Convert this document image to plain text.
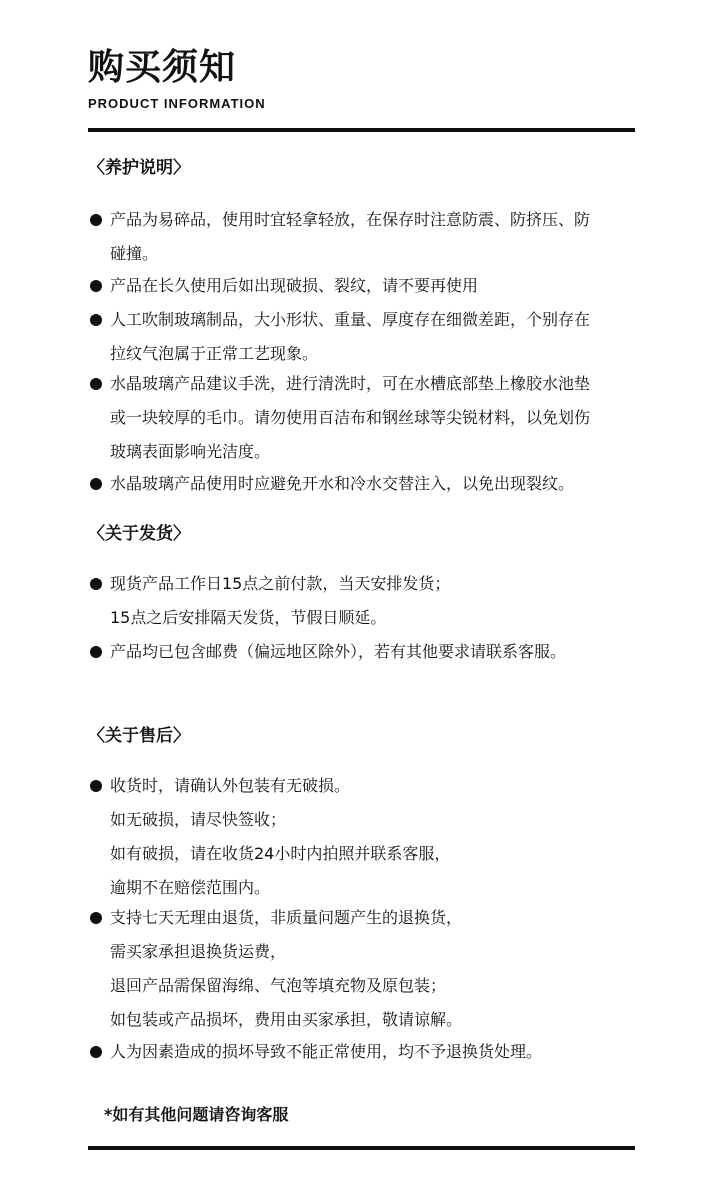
购买须知
PRODUCT INFORMATION
〈养护说明〉
产品为易碎品，使用时宜轻拿轻放，在保存时注意防震、防挤压、防
碰撞。
产品在长久使用后如出现破损、裂纹，请不要再使用
人工吹制玻璃制品，大小形状、重量、厚度存在细微差距，个别存在
拉纹气泡属于正常工艺现象。
水晶玻璃产品建议手洗，进行清洗时，可在水槽底部垫上橡胶水池垫
或一块较厚的毛巾。请勿使用百洁布和钢丝球等尖锐材料，以免划伤
玻璃表面影响光洁度。
水晶玻璃产品使用时应避免开水和冷水交替注入，以免出现裂纹。
〈关于发货〉
现货产品工作日15点之前付款，当天安排发货；
15点之后安排隔天发货，节假日顺延。
产品均已包含邮费（偏远地区除外），若有其他要求请联系客服。
〈关于售后〉
收货时，请确认外包装有无破损。
如无破损，请尽快签收；
如有破损，请在收货24小时内拍照并联系客服，
逾期不在赔偿范围内。
支持七天无理由退货，非质量问题产生的退换货，
需买家承担退换货运费，
退回产品需保留海绵、气泡等填充物及原包装；
如包装或产品损坏，费用由买家承担，敬请谅解。
人为因素造成的损坏导致不能正常使用，均不予退换货处理。
*如有其他问题请咨询客服
